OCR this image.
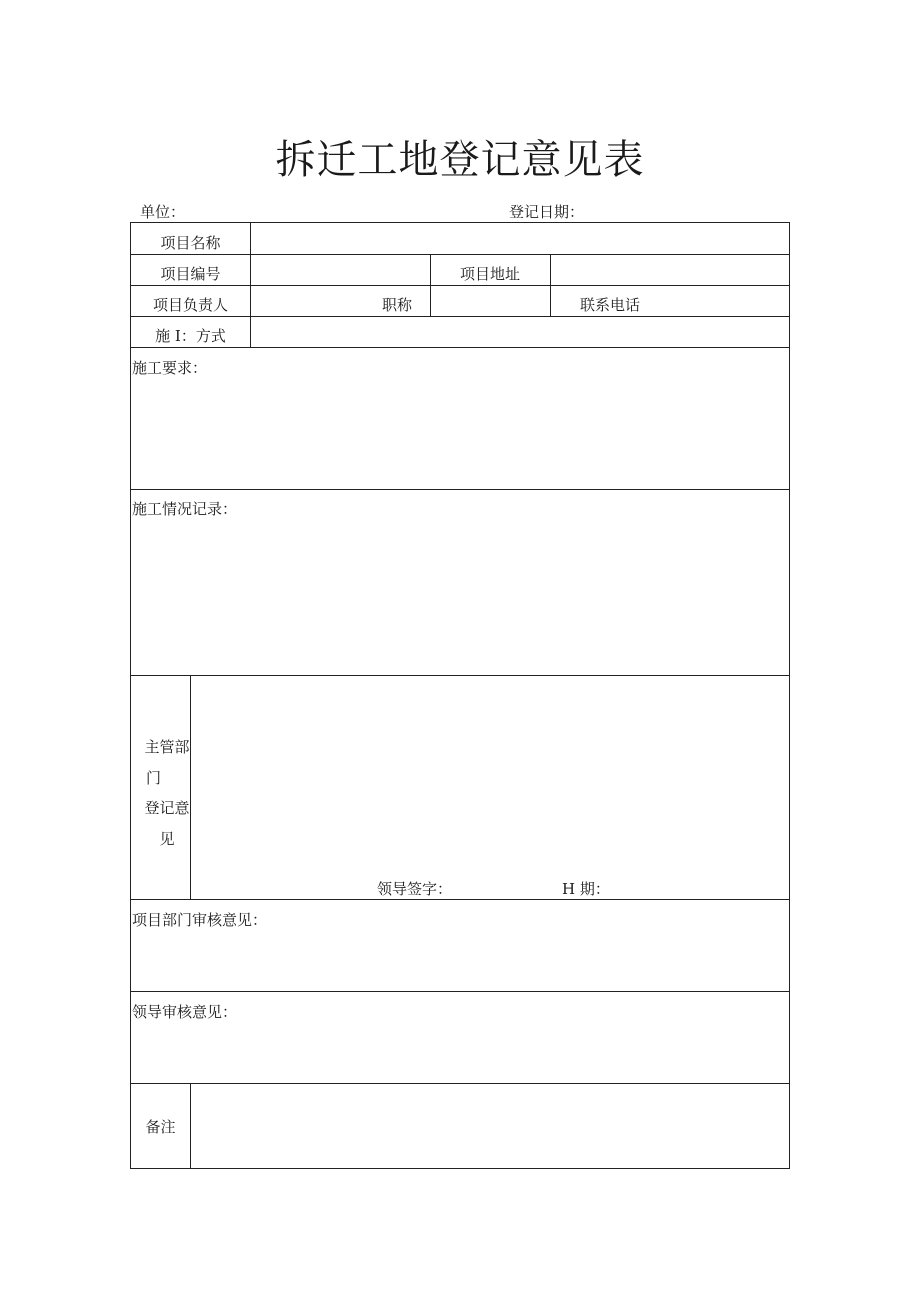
拆迁工地登记意见表
单位：	登记日期：
项目名称
项目编号	项目地址
项目负责人	职称	联系电话
施 I：方式
施工要求：
施工情况记录：
主管部
门
登记意
见
领导签字：	H 期：
项目部门审核意见：
领导审核意见：
备注
